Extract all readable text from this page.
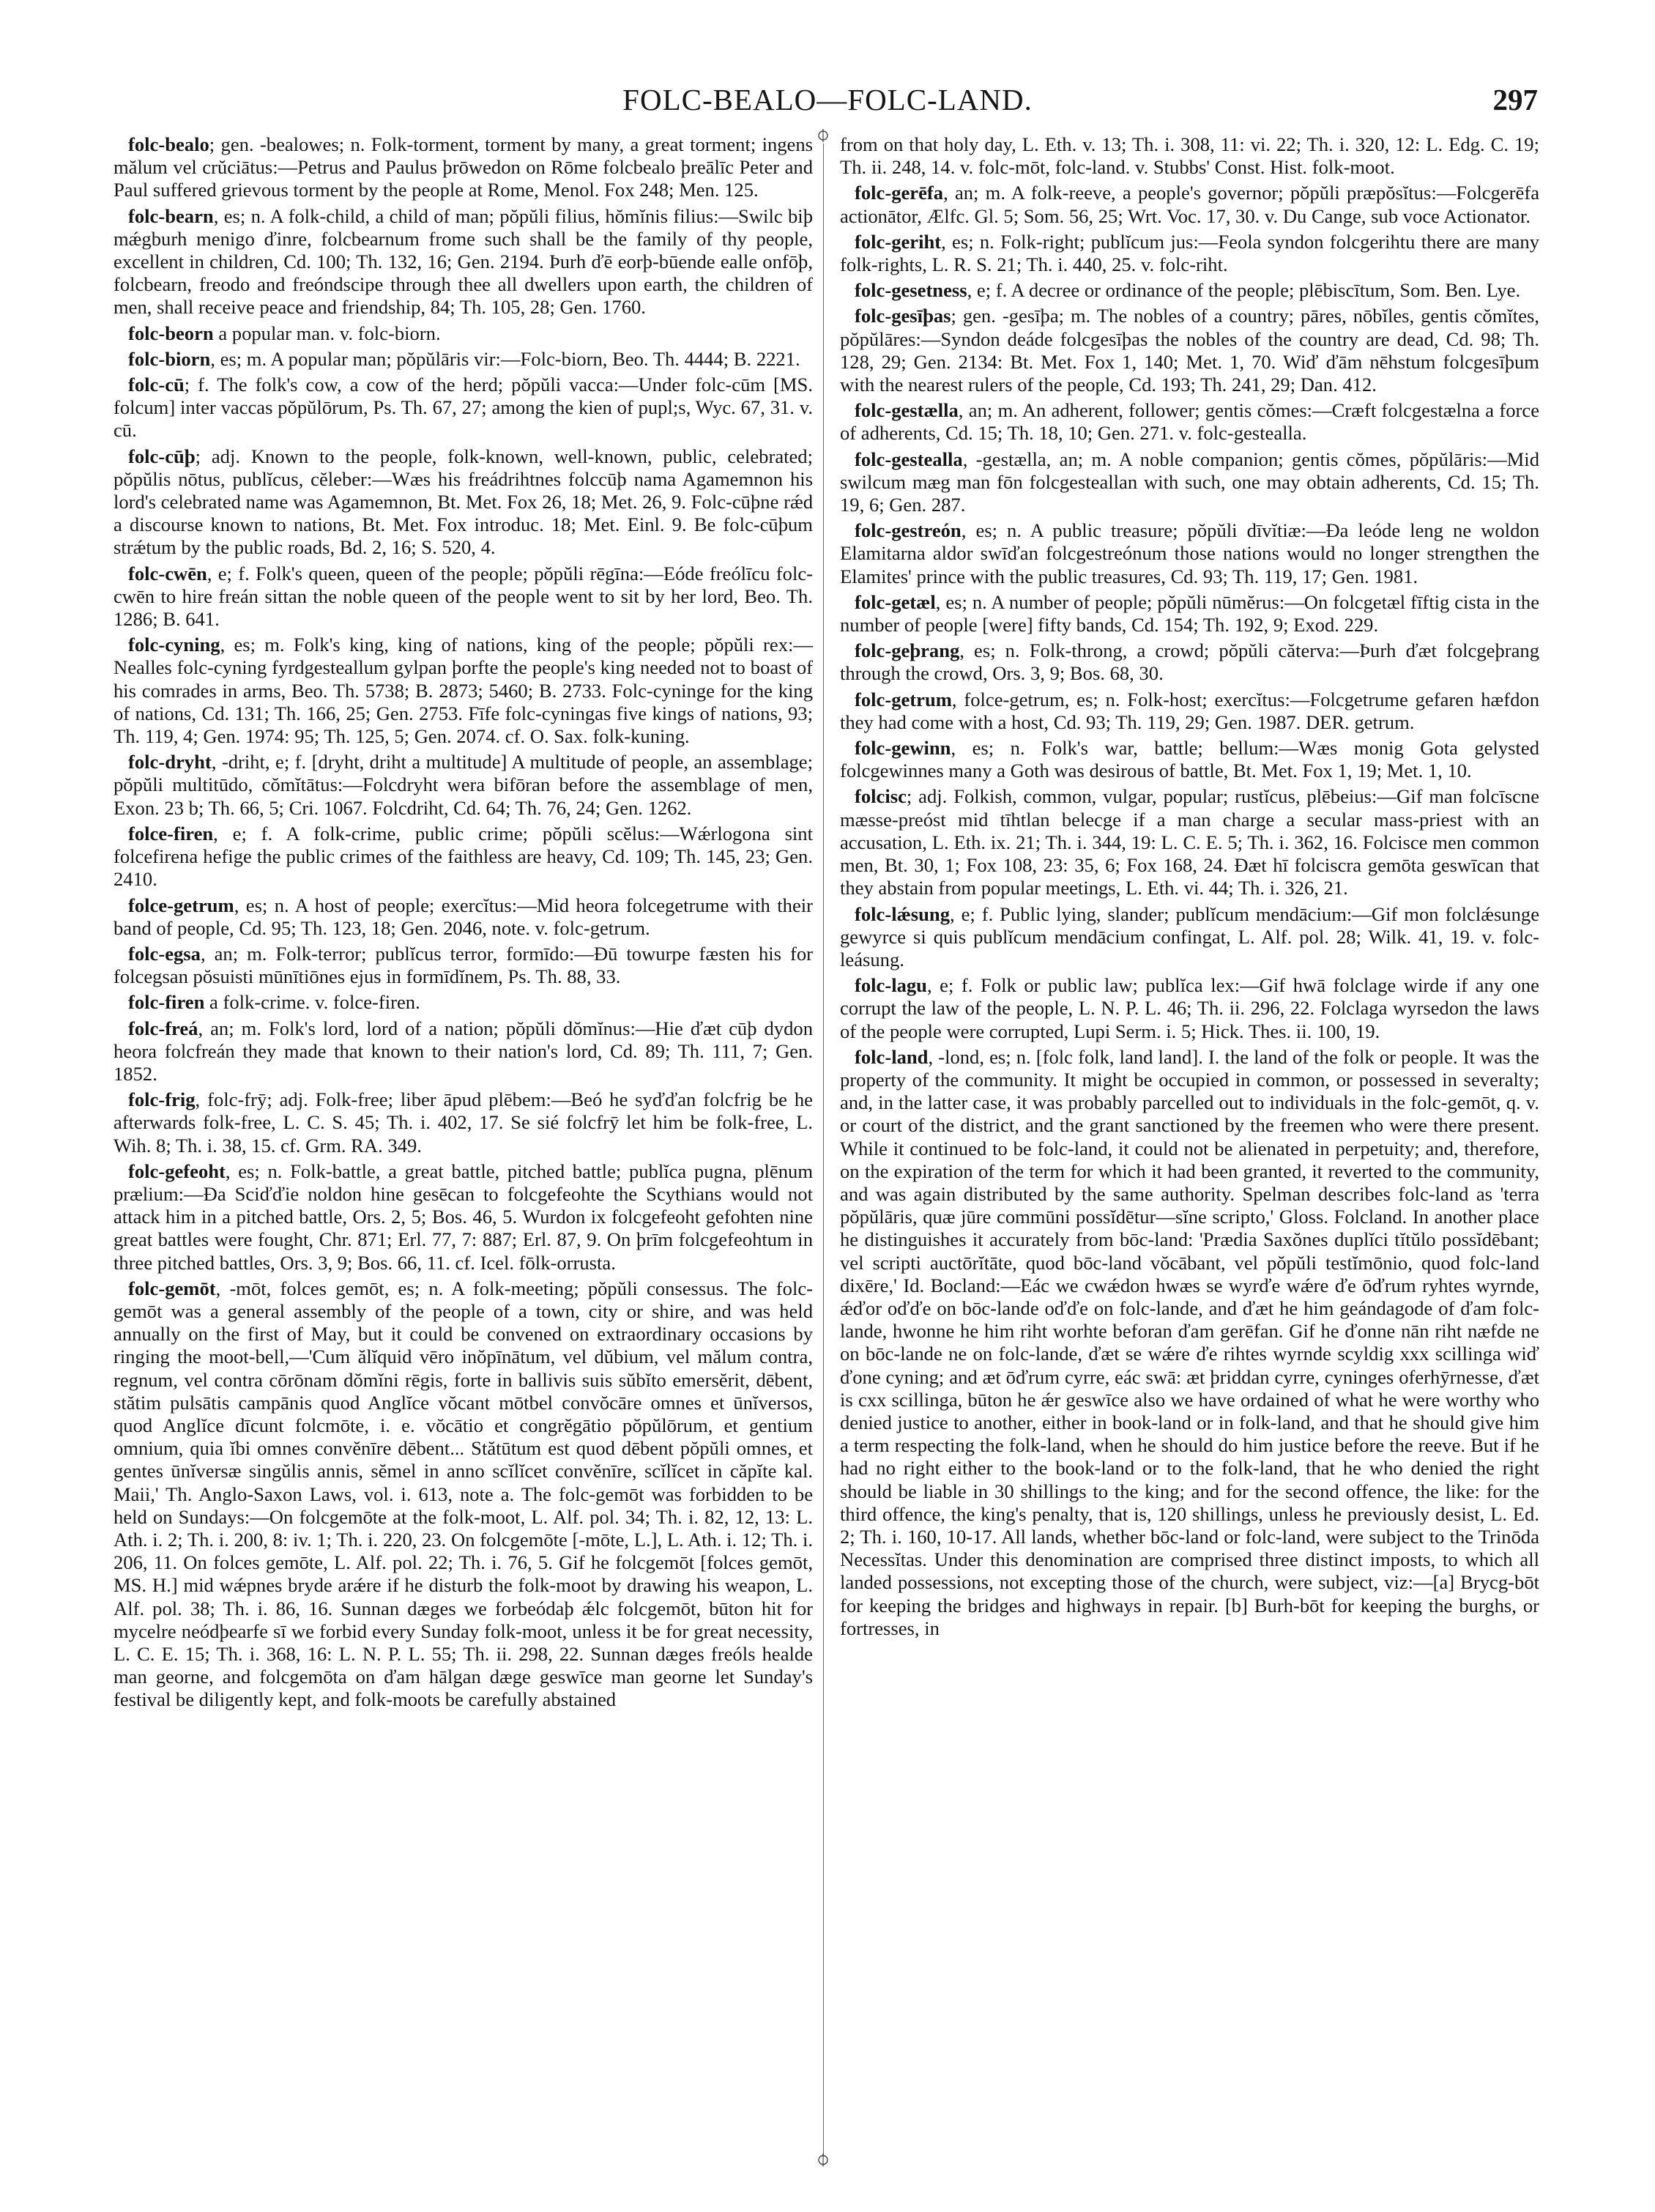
FOLC-BEALO—FOLC-LAND.	297

folc-bealo; gen. -bealowes; n. Folk-torment, torment by many, a great torment; ingens mălum vel crŭciātus:—Petrus and Paulus þrōwedon on Rōme folcbealo þreālīc Peter and Paul suffered grievous torment by the people at Rome, Menol. Fox 248; Men. 125.

folc-bearn, es; n. A folk-child, a child of man; pŏpŭli filius, hŏmĭnis filius:—Swilc biþ mǽgburh menigo ďinre, folcbearnum frome such shall be the family of thy people, excellent in children, Cd. 100; Th. 132, 16; Gen. 2194. Þurh ďē eorþ-būende ealle onfōþ, folcbearn, freodo and freóndscipe through thee all dwellers upon earth, the children of men, shall receive peace and friendship, 84; Th. 105, 28; Gen. 1760.

folc-beorn a popular man. v. folc-biorn.

folc-biorn, es; m. A popular man; pŏpŭlāris vir:—Folc-biorn, Beo. Th. 4444; B. 2221.

folc-cū; f. The folk's cow, a cow of the herd; pŏpŭli vacca:—Under folc-cūm [MS. folcum] inter vaccas pŏpŭlōrum, Ps. Th. 67, 27; among the kien of pupl;s, Wyc. 67, 31. v. cū.

folc-cūþ; adj. Known to the people, folk-known, well-known, public, celebrated; pŏpŭlis nōtus, publĭcus, cĕleber:—Wæs his freádrihtnes folccūþ nama Agamemnon his lord's celebrated name was Agamemnon, Bt. Met. Fox 26, 18; Met. 26, 9. Folc-cūþne rǽd a discourse known to nations, Bt. Met. Fox introduc. 18; Met. Einl. 9. Be folc-cūþum strǽtum by the public roads, Bd. 2, 16; S. 520, 4.

folc-cwēn, e; f. Folk's queen, queen of the people; pŏpŭli rēgīna:—Eóde freólīcu folc-cwēn to hire freán sittan the noble queen of the people went to sit by her lord, Beo. Th. 1286; B. 641.

folc-cyning, es; m. Folk's king, king of nations, king of the people; pŏpŭli rex:—Nealles folc-cyning fyrdgesteallum gylpan þorfte the people's king needed not to boast of his comrades in arms, Beo. Th. 5738; B. 2873; 5460; B. 2733. Folc-cyninge for the king of nations, Cd. 131; Th. 166, 25; Gen. 2753. Fīfe folc-cyningas five kings of nations, 93; Th. 119, 4; Gen. 1974: 95; Th. 125, 5; Gen. 2074. cf. O. Sax. folk-kuning.

folc-dryht, -driht, e; f. [dryht, driht a multitude] A multitude of people, an assemblage; pŏpŭli multitūdo, cŏmĭtātus:—Folcdryht wera bifōran before the assemblage of men, Exon. 23 b; Th. 66, 5; Cri. 1067. Folcdriht, Cd. 64; Th. 76, 24; Gen. 1262.

folce-firen, e; f. A folk-crime, public crime; pŏpŭli scĕlus:—Wǽrlogona sint folcefirena hefige the public crimes of the faithless are heavy, Cd. 109; Th. 145, 23; Gen. 2410.

folce-getrum, es; n. A host of people; exercĭtus:—Mid heora folcegetrume with their band of people, Cd. 95; Th. 123, 18; Gen. 2046, note. v. folc-getrum.

folc-egsa, an; m. Folk-terror; publĭcus terror, formīdo:—Ðū towurpe fæsten his for folcegsan pŏsuisti mūnītiōnes ejus in formīdĭnem, Ps. Th. 88, 33.

folc-firen a folk-crime. v. folce-firen.

folc-freá, an; m. Folk's lord, lord of a nation; pŏpŭli dŏmĭnus:—Hie ďæt cūþ dydon heora folcfreán they made that known to their nation's lord, Cd. 89; Th. 111, 7; Gen. 1852.

folc-frig, folc-frȳ; adj. Folk-free; liber āpud plēbem:—Beó he syďďan folcfrig be he afterwards folk-free, L. C. S. 45; Th. i. 402, 17. Se sié folcfrȳ let him be folk-free, L. Wih. 8; Th. i. 38, 15. cf. Grm. RA. 349.

folc-gefeoht, es; n. Folk-battle, a great battle, pitched battle; publĭca pugna, plēnum prælium:—Ða Sciďďie noldon hine gesēcan to folcgefeohte the Scythians would not attack him in a pitched battle, Ors. 2, 5; Bos. 46, 5. Wurdon ix folcgefeoht gefohten nine great battles were fought, Chr. 871; Erl. 77, 7: 887; Erl. 87, 9. On þrīm folcgefeohtum in three pitched battles, Ors. 3, 9; Bos. 66, 11. cf. Icel. fōlk-orrusta.

folc-gemōt, -mōt, folces gemōt, es; n. A folk-meeting; pŏpŭli consessus. The folc-gemōt was a general assembly of the people of a town, city or shire, and was held annually on the first of May, but it could be convened on extraordinary occasions by ringing the moot-bell,—'Cum ălĭquid vēro inŏpīnātum, vel dŭbium, vel mălum contra, regnum, vel contra cōrōnam dŏmĭni rēgis, forte in ballivis suis sŭbĭto emersĕrit, dēbent, stătim pulsātis campānis quod Anglĭce vŏcant mōtbel convŏcāre omnes et ūnĭversos, quod Anglĭce dīcunt folcmōte, i. e. vŏcātio et congrĕgātio pŏpŭlōrum, et gentium omnium, quia ĭbi omnes convĕnīre dēbent... Stătūtum est quod dēbent pŏpŭli omnes, et gentes ūnĭversæ singŭlis annis, sĕmel in anno scĭlĭcet convĕnīre, scĭlĭcet in căpĭte kal. Maii,' Th. Anglo-Saxon Laws, vol. i. 613, note a. The folc-gemōt was forbidden to be held on Sundays:—On folcgemōte at the folk-moot, L. Alf. pol. 34; Th. i. 82, 12, 13: L. Ath. i. 2; Th. i. 200, 8: iv. 1; Th. i. 220, 23. On folcgemōte [-mōte, L.], L. Ath. i. 12; Th. i. 206, 11. On folces gemōte, L. Alf. pol. 22; Th. i. 76, 5. Gif he folcgemōt [folces gemōt, MS. H.] mid wǽpnes bryde arǽre if he disturb the folk-moot by drawing his weapon, L. Alf. pol. 38; Th. i. 86, 16. Sunnan dæges we forbeódaþ ǽlc folcgemōt, būton hit for mycelre neódþearfe sī we forbid every Sunday folk-moot, unless it be for great necessity, L. C. E. 15; Th. i. 368, 16: L. N. P. L. 55; Th. ii. 298, 22. Sunnan dæges freóls healde man georne, and folcgemōta on ďam hālgan dæge geswīce man georne let Sunday's festival be diligently kept, and folk-moots be carefully abstained

from on that holy day, L. Eth. v. 13; Th. i. 308, 11: vi. 22; Th. i. 320, 12: L. Edg. C. 19; Th. ii. 248, 14. v. folc-mōt, folc-land. v. Stubbs' Const. Hist. folk-moot.

folc-gerēfa, an; m. A folk-reeve, a people's governor; pŏpŭli præpŏsĭtus:—Folcgerēfa actionātor, Ælfc. Gl. 5; Som. 56, 25; Wrt. Voc. 17, 30. v. Du Cange, sub voce Actionator.

folc-geriht, es; n. Folk-right; publĭcum jus:—Feola syndon folcgerihtu there are many folk-rights, L. R. S. 21; Th. i. 440, 25. v. folc-riht.

folc-gesetness, e; f. A decree or ordinance of the people; plēbiscītum, Som. Ben. Lye.

folc-gesīþas; gen. -gesīþa; m. The nobles of a country; pāres, nōbĭles, gentis cŏmĭtes, pŏpŭlāres:—Syndon deáde folcgesīþas the nobles of the country are dead, Cd. 98; Th. 128, 29; Gen. 2134: Bt. Met. Fox 1, 140; Met. 1, 70. Wiď ďām nēhstum folcgesīþum with the nearest rulers of the people, Cd. 193; Th. 241, 29; Dan. 412.

folc-gestælla, an; m. An adherent, follower; gentis cŏmes:—Cræft folcgestælna a force of adherents, Cd. 15; Th. 18, 10; Gen. 271. v. folc-gestealla.

folc-gestealla, -gestælla, an; m. A noble companion; gentis cŏmes, pŏpŭlāris:—Mid swilcum mæg man fōn folcgesteallan with such, one may obtain adherents, Cd. 15; Th. 19, 6; Gen. 287.

folc-gestreón, es; n. A public treasure; pŏpŭli dīvĭtiæ:—Ða leóde leng ne woldon Elamitarna aldor swīďan folcgestreónum those nations would no longer strengthen the Elamites' prince with the public treasures, Cd. 93; Th. 119, 17; Gen. 1981.

folc-getæl, es; n. A number of people; pŏpŭli nūmĕrus:—On folcgetæl fīftig cista in the number of people [were] fifty bands, Cd. 154; Th. 192, 9; Exod. 229.

folc-geþrang, es; n. Folk-throng, a crowd; pŏpŭli căterva:—Þurh ďæt folcgeþrang through the crowd, Ors. 3, 9; Bos. 68, 30.

folc-getrum, folce-getrum, es; n. Folk-host; exercĭtus:—Folcgetrume gefaren hæfdon they had come with a host, Cd. 93; Th. 119, 29; Gen. 1987. DER. getrum.

folc-gewinn, es; n. Folk's war, battle; bellum:—Wæs monig Gota gelysted folcgewinnes many a Goth was desirous of battle, Bt. Met. Fox 1, 19; Met. 1, 10.

folcisc; adj. Folkish, common, vulgar, popular; rustĭcus, plēbeius:—Gif man folcīscne mæsse-preóst mid tīhtlan belecge if a man charge a secular mass-priest with an accusation, L. Eth. ix. 21; Th. i. 344, 19: L. C. E. 5; Th. i. 362, 16. Folcisce men common men, Bt. 30, 1; Fox 108, 23: 35, 6; Fox 168, 24. Ðæt hī folciscra gemōta geswīcan that they abstain from popular meetings, L. Eth. vi. 44; Th. i. 326, 21.

folc-lǽsung, e; f. Public lying, slander; publĭcum mendācium:—Gif mon folclǽsunge gewyrce si quis publĭcum mendācium confingat, L. Alf. pol. 28; Wilk. 41, 19. v. folc-leásung.

folc-lagu, e; f. Folk or public law; publĭca lex:—Gif hwā folclage wirde if any one corrupt the law of the people, L. N. P. L. 46; Th. ii. 296, 22. Folclaga wyrsedon the laws of the people were corrupted, Lupi Serm. i. 5; Hick. Thes. ii. 100, 19.

folc-land, -lond, es; n. [folc folk, land land]. I. the land of the folk or people. It was the property of the community. It might be occupied in common, or possessed in severalty; and, in the latter case, it was probably parcelled out to individuals in the folc-gemōt, q. v. or court of the district, and the grant sanctioned by the freemen who were there present. While it continued to be folc-land, it could not be alienated in perpetuity; and, therefore, on the expiration of the term for which it had been granted, it reverted to the community, and was again distributed by the same authority. Spelman describes folc-land as 'terra pŏpŭlāris, quæ jūre commūni possĭdētur—sĭne scripto,' Gloss. Folcland. In another place he distinguishes it accurately from bōc-land: 'Prædia Saxŏnes duplĭci tĭtŭlo possĭdēbant; vel scripti auctōrĭtāte, quod bōc-land vŏcābant, vel pŏpŭli testĭmōnio, quod folc-land dixēre,' Id. Bocland:—Eác we cwǽdon hwæs se wyrďe wǽre ďe ōďrum ryhtes wyrnde, ǽďor oďďe on bōc-lande oďďe on folc-lande, and ďæt he him geándagode of ďam folc-lande, hwonne he him riht worhte beforan ďam gerēfan. Gif he ďonne nān riht næfde ne on bōc-lande ne on folc-lande, ďæt se wǽre ďe rihtes wyrnde scyldig xxx scillinga wiď ďone cyning; and æt ōďrum cyrre, eác swā: æt þriddan cyrre, cyninges oferhȳrnesse, ďæt is cxx scillinga, būton he ǽr geswīce also we have ordained of what he were worthy who denied justice to another, either in book-land or in folk-land, and that he should give him a term respecting the folk-land, when he should do him justice before the reeve. But if he had no right either to the book-land or to the folk-land, that he who denied the right should be liable in 30 shillings to the king; and for the second offence, the like: for the third offence, the king's penalty, that is, 120 shillings, unless he previously desist, L. Ed. 2; Th. i. 160, 10-17. All lands, whether bōc-land or folc-land, were subject to the Trinōda Necessĭtas. Under this denomination are comprised three distinct imposts, to which all landed possessions, not excepting those of the church, were subject, viz:—[a] Brycg-bōt for keeping the bridges and highways in repair. [b] Burh-bōt for keeping the burghs, or fortresses, in
